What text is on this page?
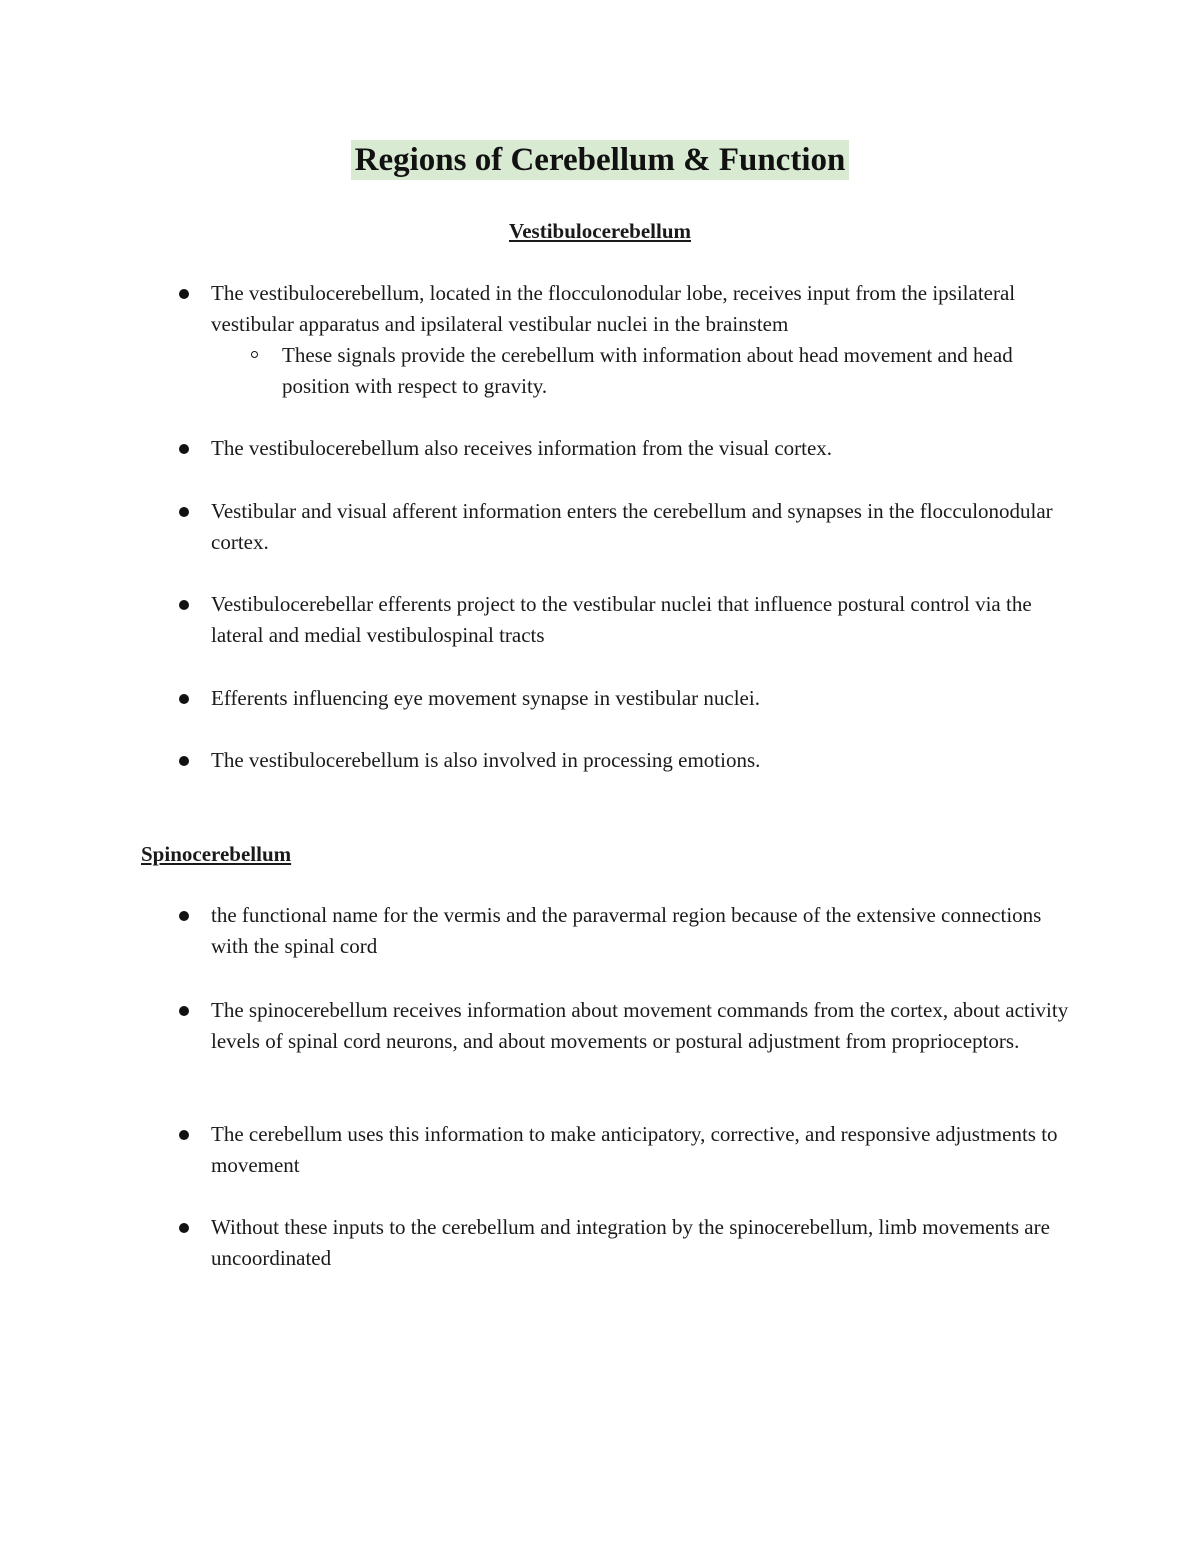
Regions of Cerebellum & Function
Vestibulocerebellum
The vestibulocerebellum, located in the flocculonodular lobe, receives input from the ipsilateral vestibular apparatus and ipsilateral vestibular nuclei in the brainstem
These signals provide the cerebellum with information about head movement and head position with respect to gravity.
The vestibulocerebellum also receives information from the visual cortex.
Vestibular and visual afferent information enters the cerebellum and synapses in the flocculonodular cortex.
Vestibulocerebellar efferents project to the vestibular nuclei that influence postural control via the lateral and medial vestibulospinal tracts
Efferents influencing eye movement synapse in vestibular nuclei.
The vestibulocerebellum is also involved in processing emotions.
Spinocerebellum
the functional name for the vermis and the paravermal region because of the extensive connections with the spinal cord
The spinocerebellum receives information about movement commands from the cortex, about activity levels of spinal cord neurons, and about movements or postural adjustment from proprioceptors.
The cerebellum uses this information to make anticipatory, corrective, and responsive adjustments to movement
Without these inputs to the cerebellum and integration by the spinocerebellum, limb movements are uncoordinated
